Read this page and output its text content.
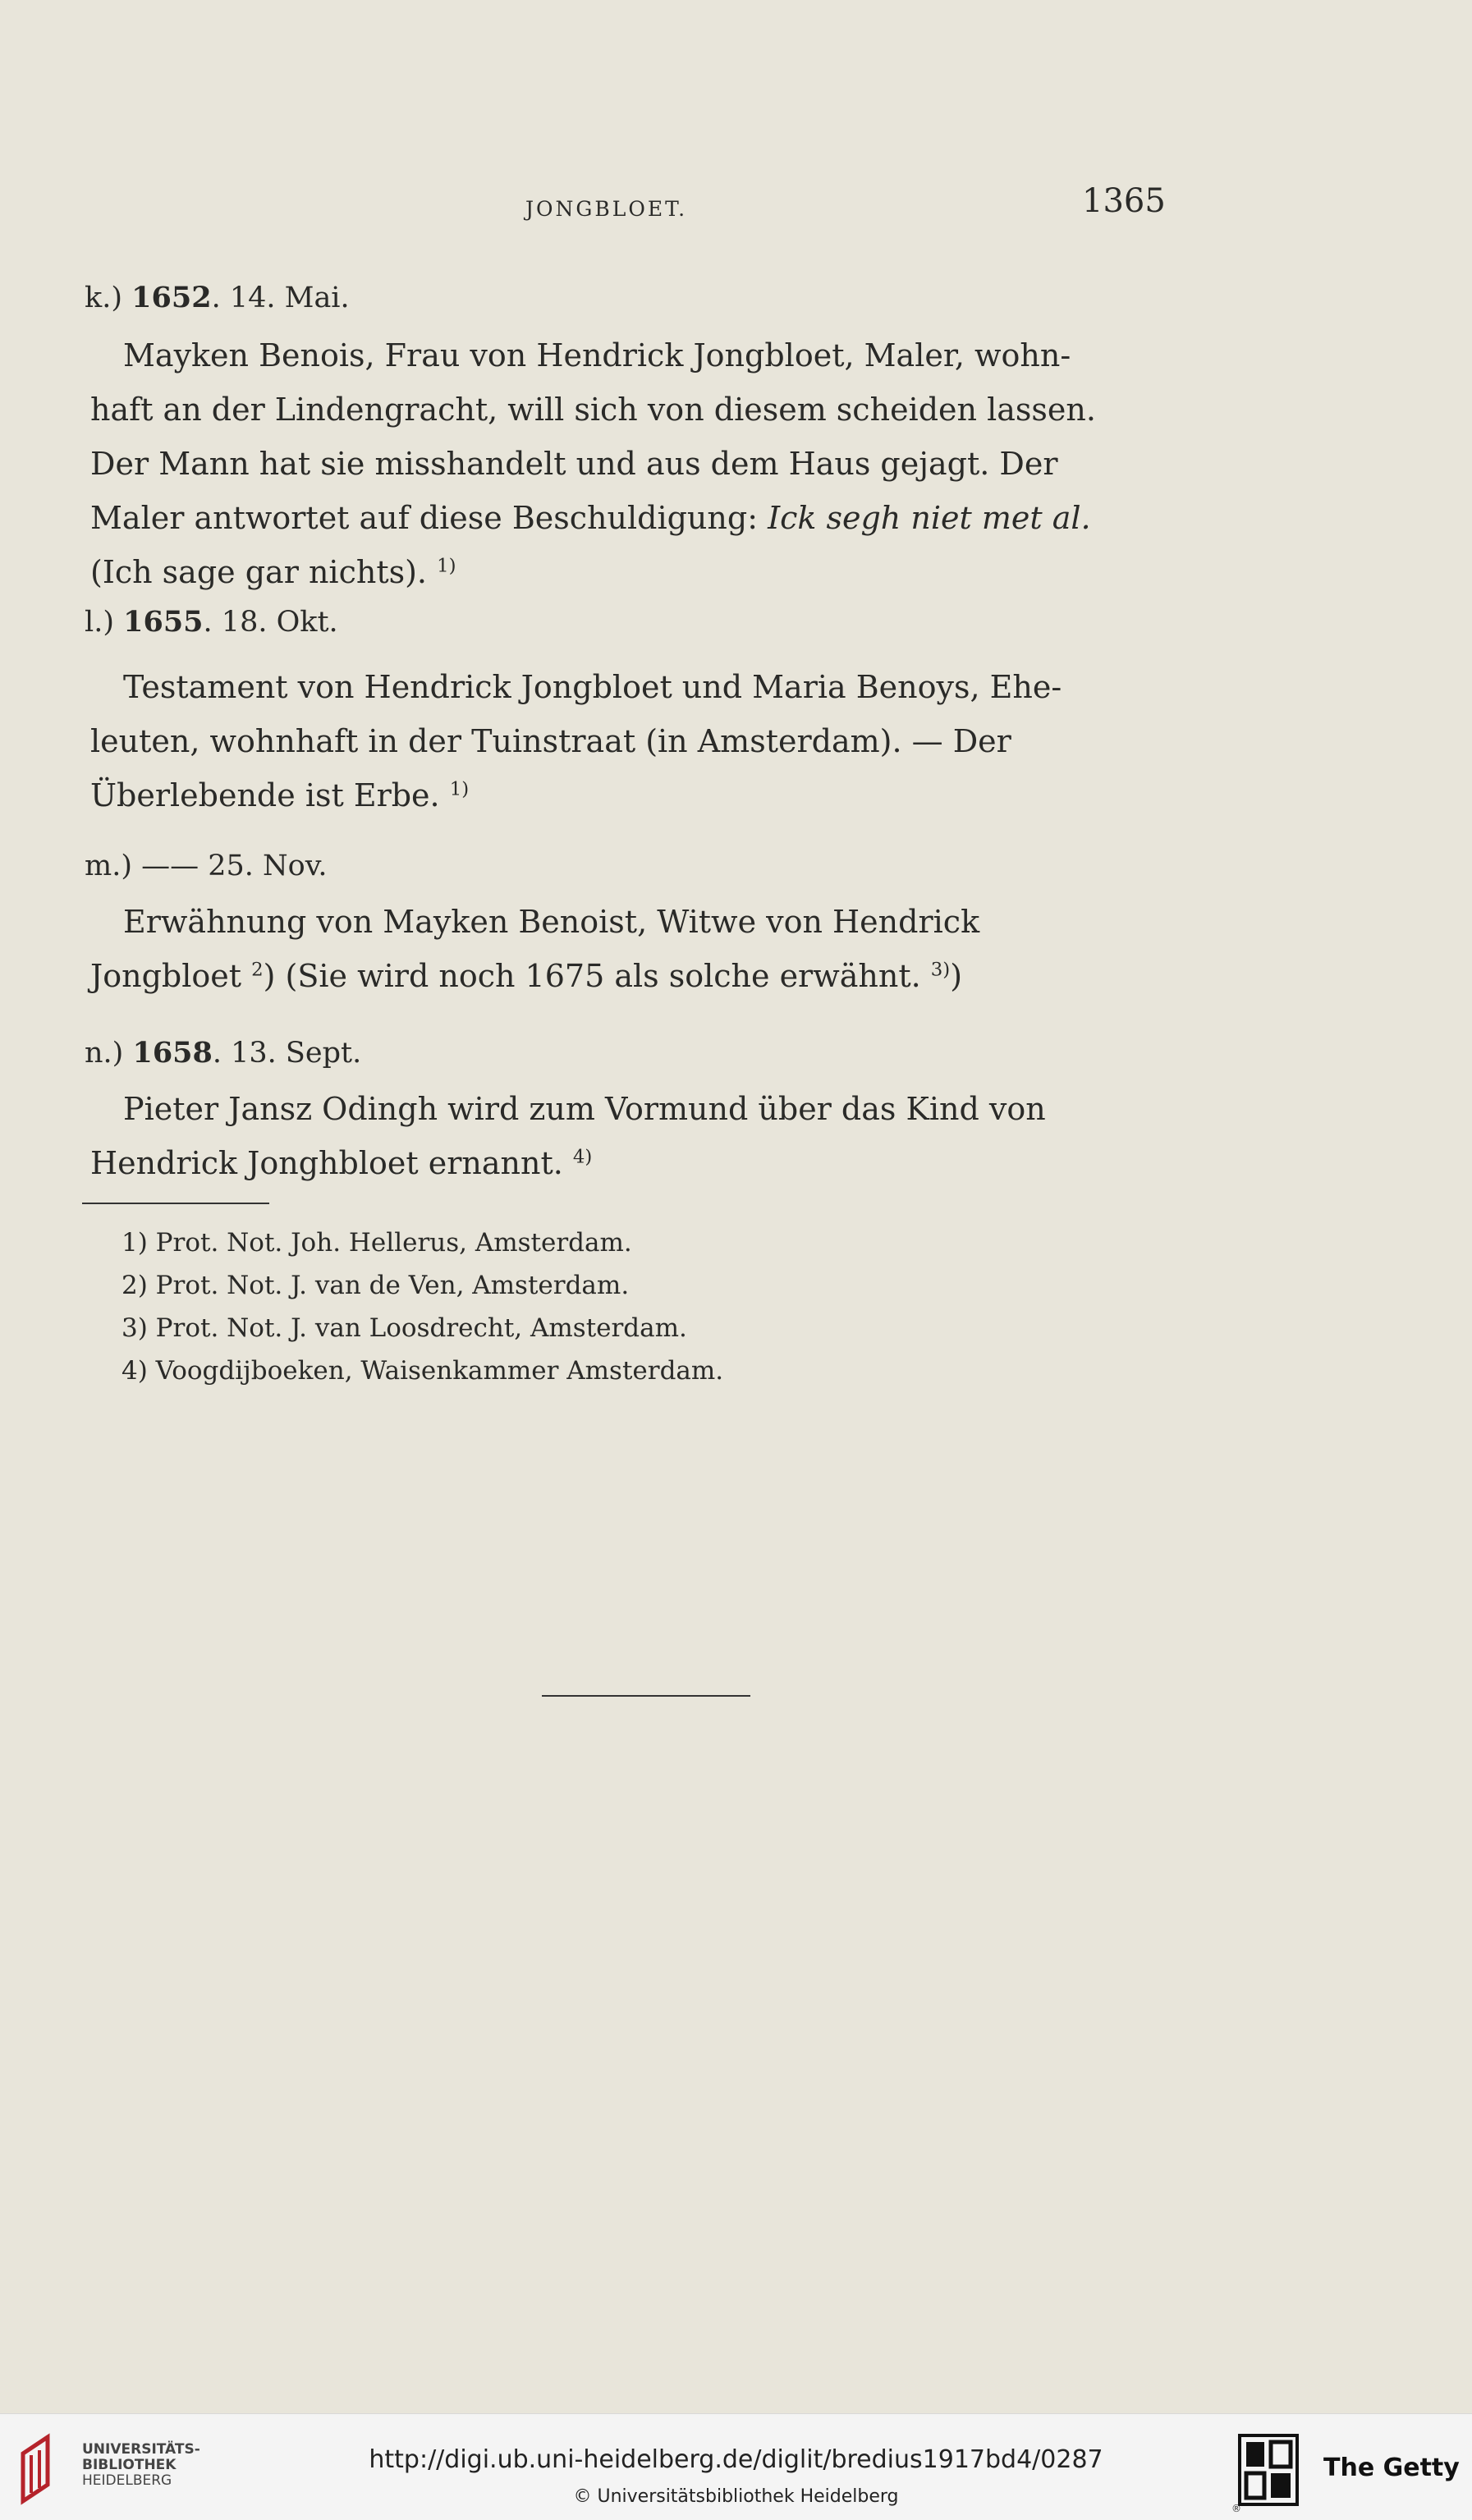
JONGBLOET.	1365
k.) 1652. 14. Mai.
Mayken Benois, Frau von Hendrick Jongbloet, Maler, wohn-
haft an der Lindengracht, will sich von diesem scheiden lassen.
Der Mann hat sie misshandelt und aus dem Haus gejagt. Der
Maler antwortet auf diese Beschuldigung: Ick segh niet met al.
(Ich sage gar nichts). $^{1)}$
l.) 1655. 18. Okt.
Testament von Hendrick Jongbloet und Maria Benoys, Ehe-
leuten, wohnhaft in der Tuinstraat (in Amsterdam). — Der
Überlebende ist Erbe. $^{1)}$
m.) —— 25. Nov.
Erwähnung von Mayken Benoist, Witwe von Hendrick
Jongbloet $^2$) (Sie wird noch 1675 als solche erwähnt. $^{3)}$)
n.) 1658. 13. Sept.
Pieter Jansz Odingh wird zum Vormund über das Kind von
Hendrick Jonghbloet ernannt. $^{4)}$
1) Prot. Not. Joh. Hellerus, Amsterdam.
2) Prot. Not. J. van de Ven, Amsterdam.
3) Prot. Not. J. van Loosdrecht, Amsterdam.
4) Voogdijboeken, Waisenkammer Amsterdam.
UNIVERSITÄTS-
BIBLIOTHEK
HEIDELBERG
http://digi.ub.uni-heidelberg.de/diglit/bredius1917bd4/0287
© Universitätsbibliothek Heidelberg
The Getty
®
